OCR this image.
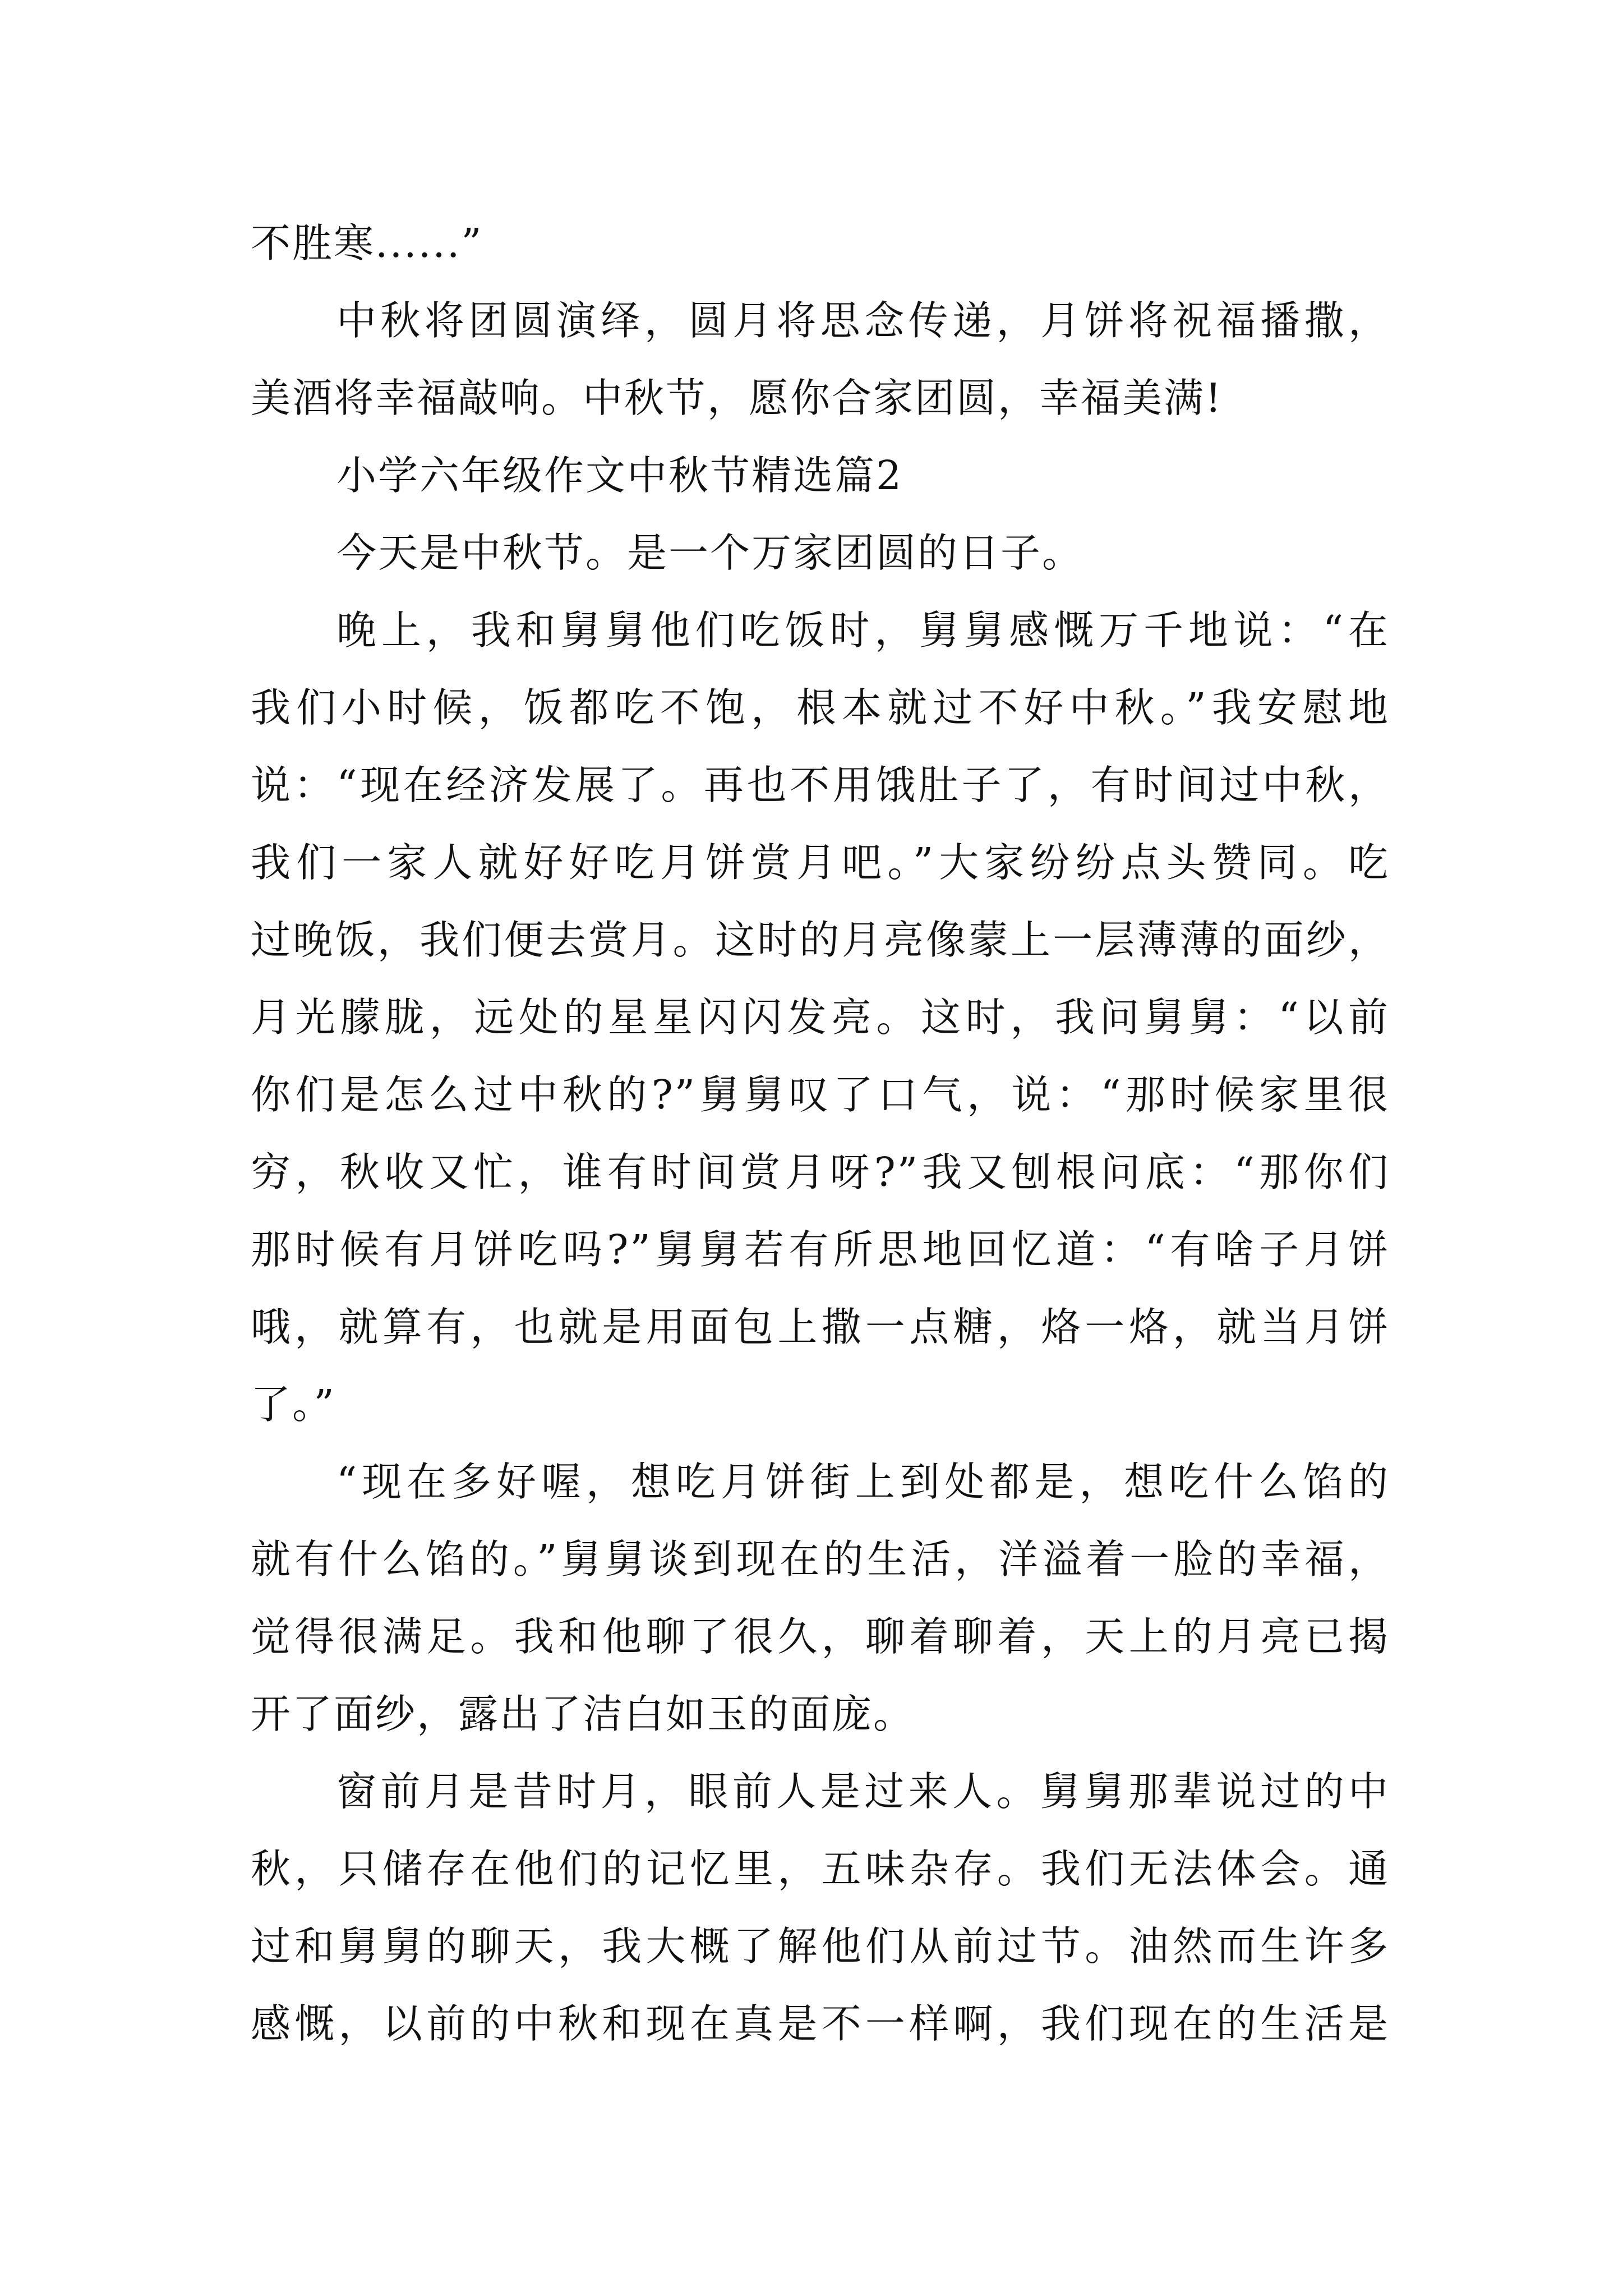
不胜寒......”
中秋将团圆演绎，圆月将思念传递，月饼将祝福播撒，
美酒将幸福敲响。中秋节，愿你合家团圆，幸福美满!
小学六年级作文中秋节精选篇2
今天是中秋节。是一个万家团圆的日子。
晚上，我和舅舅他们吃饭时，舅舅感慨万千地说：“在
我们小时候，饭都吃不饱，根本就过不好中秋。”我安慰地
说：“现在经济发展了。再也不用饿肚子了，有时间过中秋，
我们一家人就好好吃月饼赏月吧。”大家纷纷点头赞同。吃
过晚饭，我们便去赏月。这时的月亮像蒙上一层薄薄的面纱，
月光朦胧，远处的星星闪闪发亮。这时，我问舅舅：“以前
你们是怎么过中秋的?”舅舅叹了口气，说：“那时候家里很
穷，秋收又忙，谁有时间赏月呀?”我又刨根问底：“那你们
那时候有月饼吃吗?”舅舅若有所思地回忆道：“有啥子月饼
哦，就算有，也就是用面包上撒一点糖，烙一烙，就当月饼
了。”
“现在多好喔，想吃月饼街上到处都是，想吃什么馅的
就有什么馅的。”舅舅谈到现在的生活，洋溢着一脸的幸福，
觉得很满足。我和他聊了很久，聊着聊着，天上的月亮已揭
开了面纱，露出了洁白如玉的面庞。
窗前月是昔时月，眼前人是过来人。舅舅那辈说过的中
秋，只储存在他们的记忆里，五味杂存。我们无法体会。通
过和舅舅的聊天，我大概了解他们从前过节。油然而生许多
感慨，以前的中秋和现在真是不一样啊，我们现在的生活是
